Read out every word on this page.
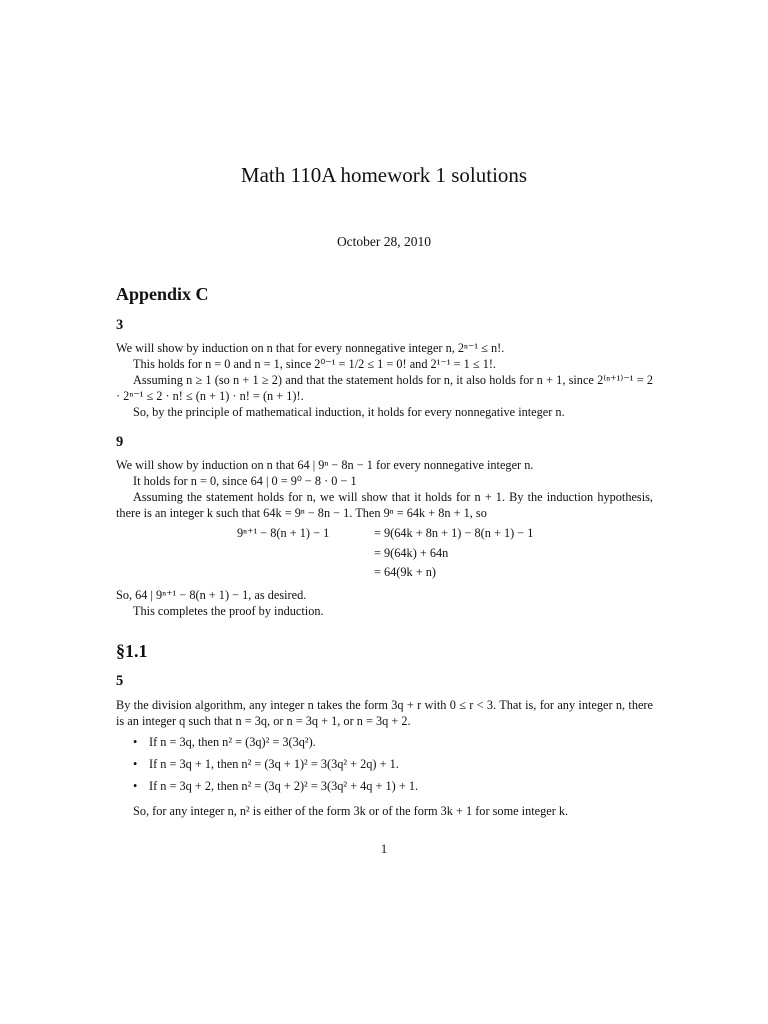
Math 110A homework 1 solutions
October 28, 2010
Appendix C
3

We will show by induction on n that for every nonnegative integer n, 2ⁿ⁻¹ ≤ n!.

This holds for n = 0 and n = 1, since 2⁰⁻¹ = 1/2 ≤ 1 = 0! and 2¹⁻¹ = 1 ≤ 1!.

Assuming n ≥ 1 (so n + 1 ≥ 2) and that the statement holds for n, it also holds for n + 1, since 2⁽ⁿ⁺¹⁾⁻¹ = 2 · 2ⁿ⁻¹ ≤ 2 · n! ≤ (n + 1) · n! = (n + 1)!.

So, by the principle of mathematical induction, it holds for every nonnegative integer n.

9

We will show by induction on n that 64 | 9ⁿ − 8n − 1 for every nonnegative integer n.

It holds for n = 0, since 64 | 0 = 9⁰ − 8 · 0 − 1

Assuming the statement holds for n, we will show that it holds for n + 1. By the induction hypothesis, there is an integer k such that 64k = 9ⁿ − 8n − 1. Then 9ⁿ = 64k + 8n + 1, so

9ⁿ⁺¹ − 8(n + 1) − 1	= 9(64k + 8n + 1) − 8(n + 1) − 1
= 9(64k) + 64n
= 64(9k + n)

So, 64 | 9ⁿ⁺¹ − 8(n + 1) − 1, as desired.

This completes the proof by induction.

§1.1
5

By the division algorithm, any integer n takes the form 3q + r with 0 ≤ r < 3. That is, for any integer n, there is an integer q such that n = 3q, or n = 3q + 1, or n = 3q + 2.

• If n = 3q, then n² = (3q)² = 3(3q²).
• If n = 3q + 1, then n² = (3q + 1)² = 3(3q² + 2q) + 1.
• If n = 3q + 2, then n² = (3q + 2)² = 3(3q² + 4q + 1) + 1.

So, for any integer n, n² is either of the form 3k or of the form 3k + 1 for some integer k.

1
